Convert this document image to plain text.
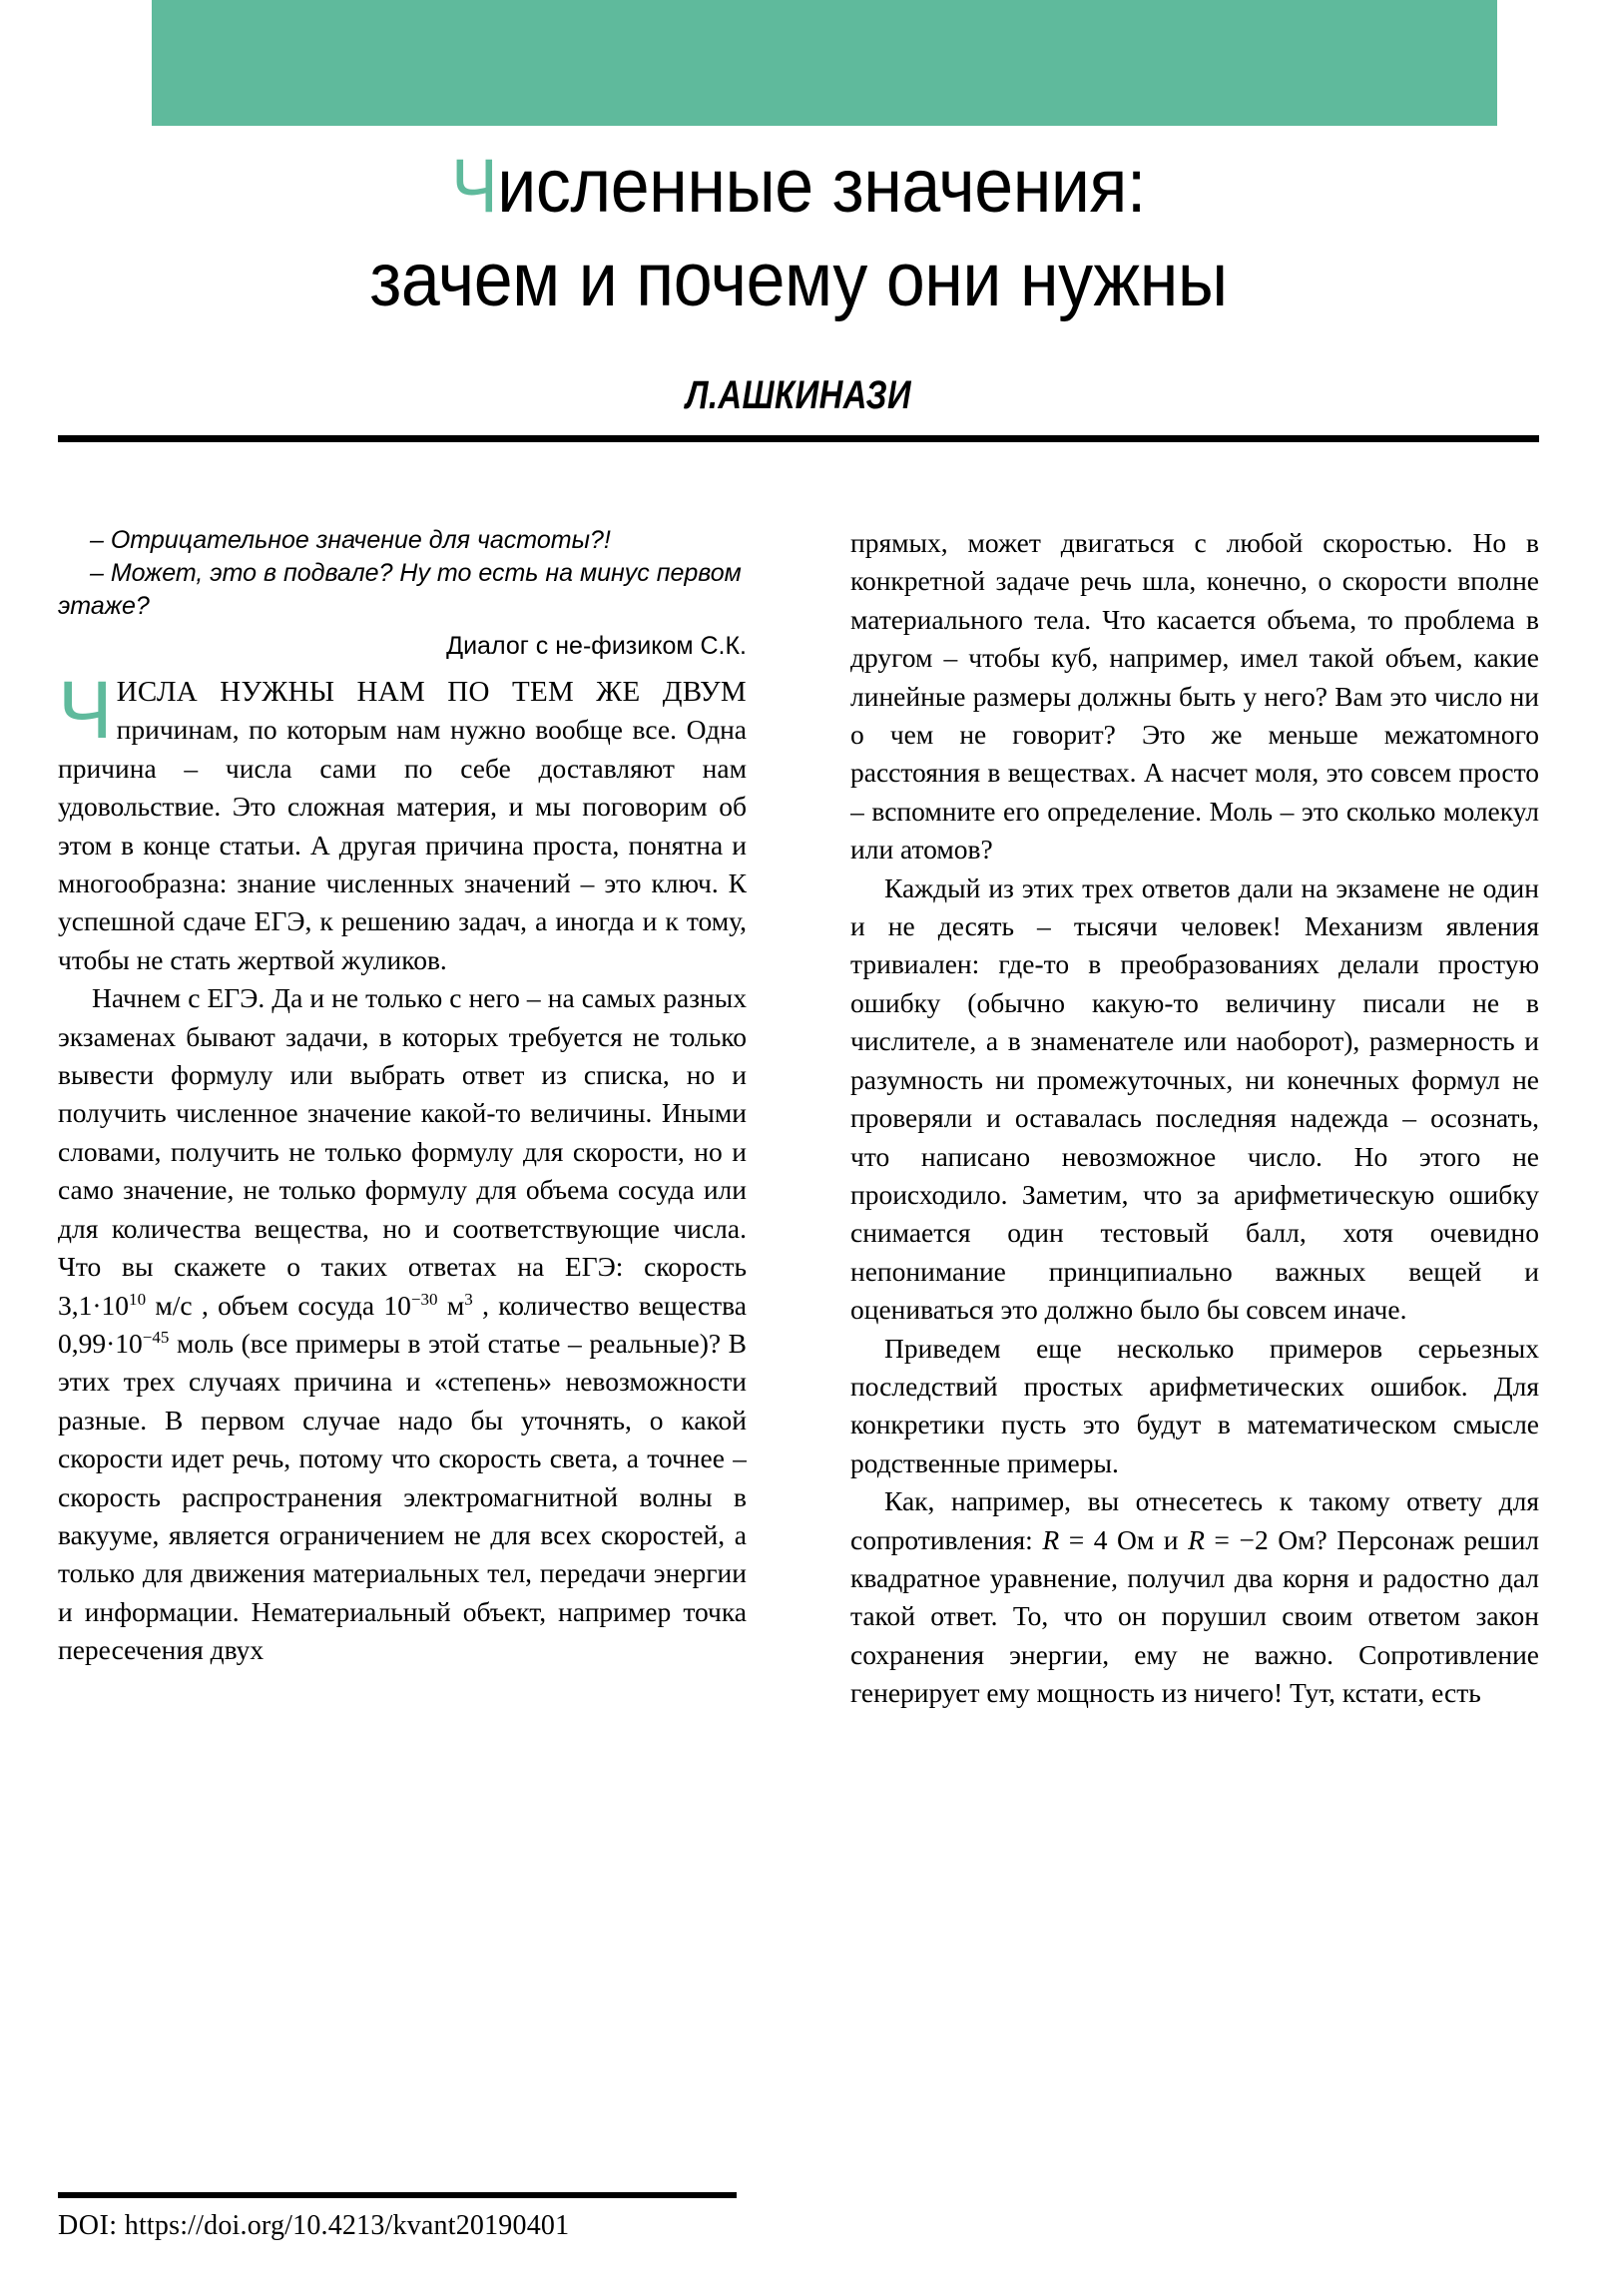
Численные значения:
зачем и почему они нужны
Л.АШКИНАЗИ

– Отрицательное значение для частоты?!

– Может, это в подвале? Ну то есть на минус первом этаже?

Диалог с не-физиком С.К.

ЧИСЛА НУЖНЫ НАМ ПО ТЕМ ЖЕ ДВУМ причинам, по которым нам нужно вообще все. Одна причина – числа сами по себе доставляют нам удовольствие. Это сложная материя, и мы поговорим об этом в конце статьи. А другая причина проста, понятна и многообразна: знание численных значений – это ключ. К успешной сдаче ЕГЭ, к решению задач, а иногда и к тому, чтобы не стать жертвой жуликов.

Начнем с ЕГЭ. Да и не только с него – на самых разных экзаменах бывают задачи, в которых требуется не только вывести формулу или выбрать ответ из списка, но и получить численное значение какой-то величины. Иными словами, получить не только формулу для скорости, но и само значение, не только формулу для объема сосуда или для количества вещества, но и соответствующие числа. Что вы скажете о таких ответах на ЕГЭ: скорость $3,1\cdot 10^{10}$ м/с , объем сосуда $10^{-30}$ $м^3$ , количество вещества $0,99\cdot 10^{-45}$ моль (все примеры в этой статье – реальные)? В этих трех случаях причина и «степень» невозможности разные. В первом случае надо бы уточнять, о какой скорости идет речь, потому что скорость света, а точнее – скорость распространения электромагнитной волны в вакууме, является ограничением не для всех скоростей, а только для движения материальных тел, передачи энергии и информации. Нематериальный объект, например точка пересечения двух

прямых, может двигаться с любой скоростью. Но в конкретной задаче речь шла, конечно, о скорости вполне материального тела. Что касается объема, то проблема в другом – чтобы куб, например, имел такой объем, какие линейные размеры должны быть у него? Вам это число ни о чем не говорит? Это же меньше межатомного расстояния в веществах. А насчет моля, это совсем просто – вспомните его определение. Моль – это сколько молекул или атомов?

Каждый из этих трех ответов дали на экзамене не один и не десять – тысячи человек! Механизм явления тривиален: где-то в преобразованиях делали простую ошибку (обычно какую-то величину писали не в числителе, а в знаменателе или наоборот), размерность и разумность ни промежуточных, ни конечных формул не проверяли и оставалась последняя надежда – осознать, что написано невозможное число. Но этого не происходило. Заметим, что за арифметическую ошибку снимается один тестовый балл, хотя очевидно непонимание принципиально важных вещей и оцениваться это должно было бы совсем иначе.

Приведем еще несколько примеров серьезных последствий простых арифметических ошибок. Для конкретики пусть это будут в математическом смысле родственные примеры.

Как, например, вы отнесетесь к такому ответу для сопротивления: R = 4 Ом и R = −2 Ом? Персонаж решил квадратное уравнение, получил два корня и радостно дал такой ответ. То, что он порушил своим ответом закон сохранения энергии, ему не важно. Сопротивление генерирует ему мощность из ничего! Тут, кстати, есть

DOI: https://doi.org/10.4213/kvant20190401
